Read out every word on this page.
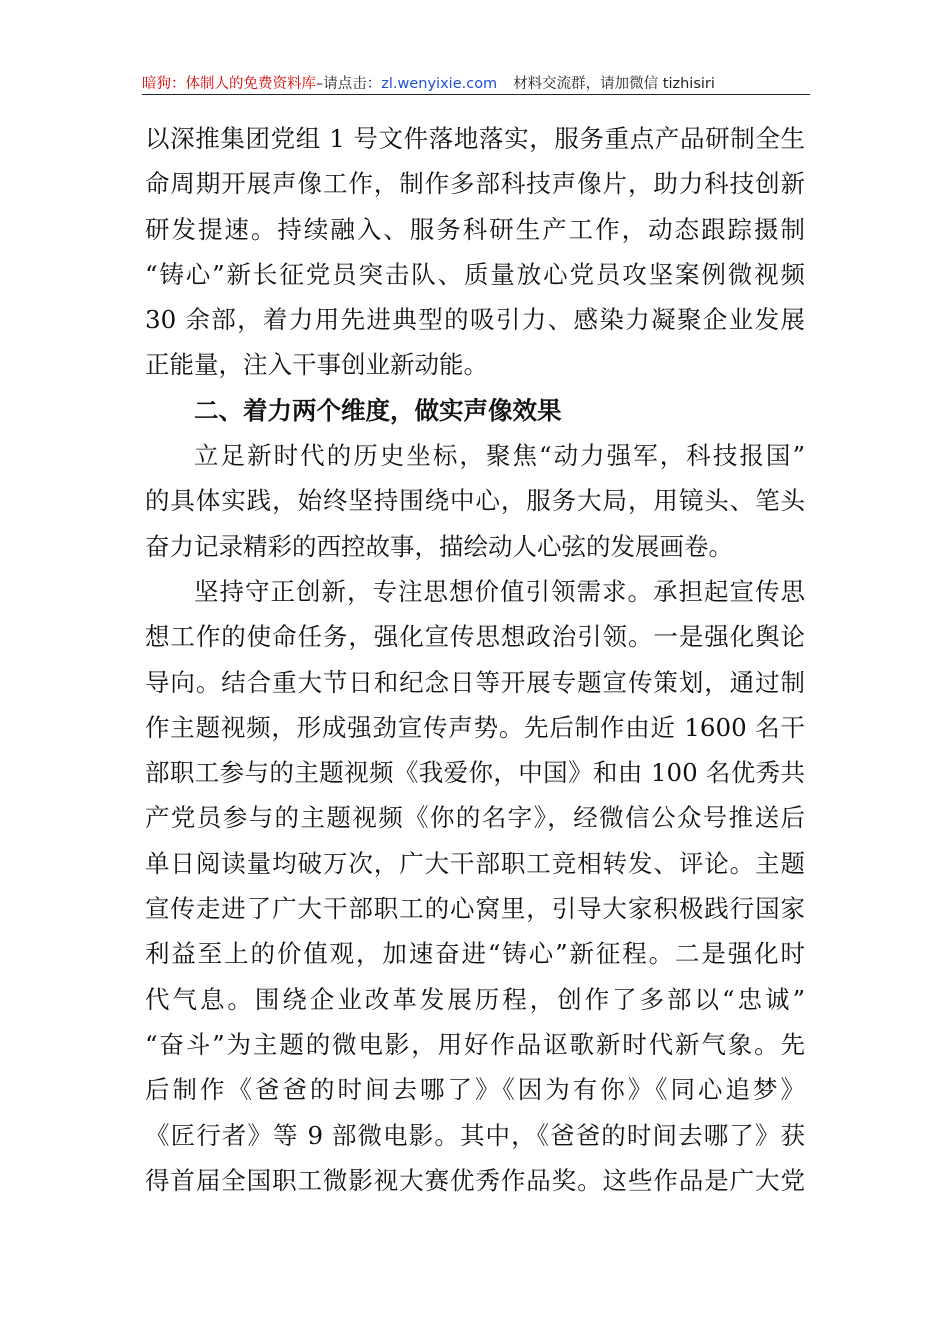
暗狗：体制人的免费资料库–请点击：zl.wenyixie.com 材料交流群，请加微信 tizhisiri
以深推集团党组 1 号文件落地落实，服务重点产品研制全生
命周期开展声像工作，制作多部科技声像片，助力科技创新
研发提速。持续融入、服务科研生产工作，动态跟踪摄制
“铸心”新长征党员突击队、质量放心党员攻坚案例微视频
30 余部，着力用先进典型的吸引力、感染力凝聚企业发展
正能量，注入干事创业新动能。
二、着力两个维度，做实声像效果
立足新时代的历史坐标，聚焦“动力强军，科技报国”
的具体实践，始终坚持围绕中心，服务大局，用镜头、笔头
奋力记录精彩的西控故事，描绘动人心弦的发展画卷。
坚持守正创新，专注思想价值引领需求。承担起宣传思
想工作的使命任务，强化宣传思想政治引领。一是强化舆论
导向。结合重大节日和纪念日等开展专题宣传策划，通过制
作主题视频，形成强劲宣传声势。先后制作由近 1600 名干
部职工参与的主题视频《我爱你，中国》和由 100 名优秀共
产党员参与的主题视频《你的名字》，经微信公众号推送后
单日阅读量均破万次，广大干部职工竞相转发、评论。主题
宣传走进了广大干部职工的心窝里，引导大家积极践行国家
利益至上的价值观，加速奋进“铸心”新征程。二是强化时
代气息。围绕企业改革发展历程，创作了多部以“忠诚”
“奋斗”为主题的微电影，用好作品讴歌新时代新气象。先
后制作《爸爸的时间去哪了》《因为有你》《同心追梦》
《匠行者》等 9 部微电影。其中，《爸爸的时间去哪了》获
得首届全国职工微影视大赛优秀作品奖。这些作品是广大党
